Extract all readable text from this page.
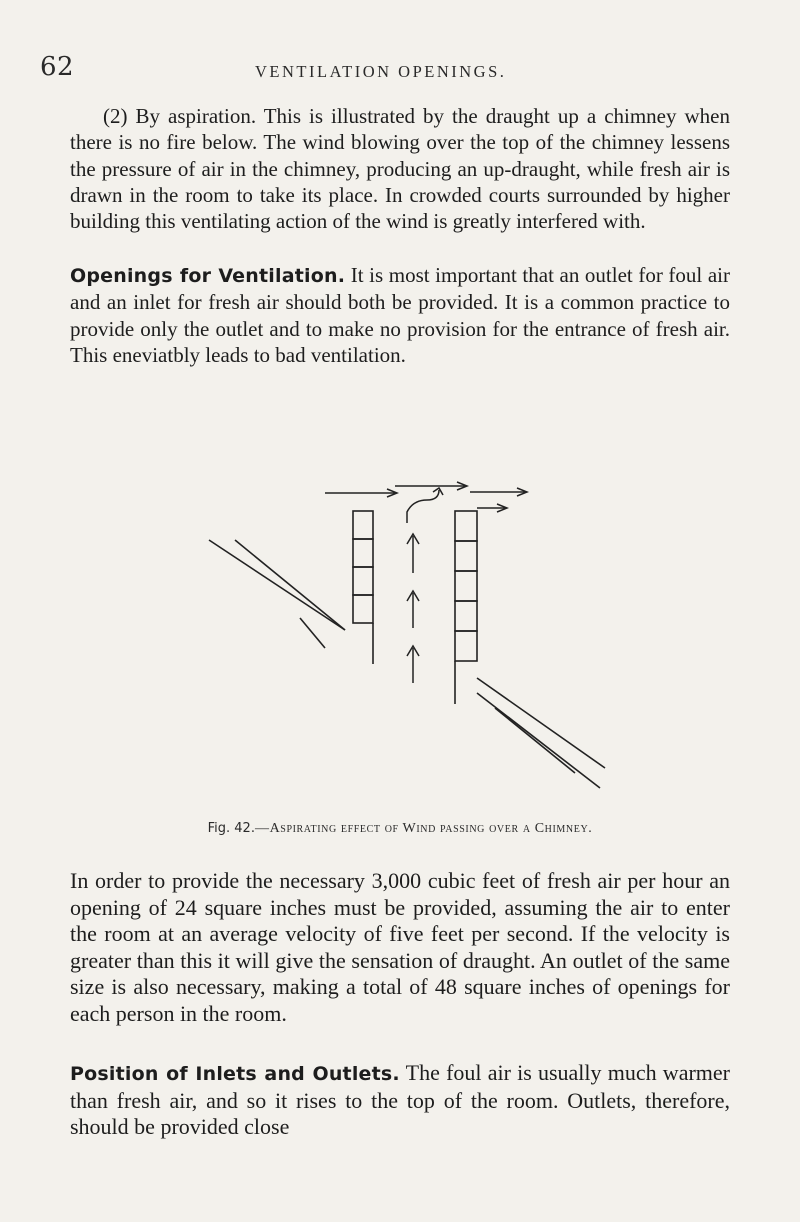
62	VENTILATION OPENINGS.

(2) By aspiration. This is illustrated by the draught up a chimney when there is no fire below. The wind blowing over the top of the chimney lessens the pressure of air in the chimney, producing an up-draught, while fresh air is drawn in the room to take its place. In crowded courts surrounded by higher building this ventilating action of the wind is greatly interfered with.

Openings for Ventilation. It is most important that an outlet for foul air and an inlet for fresh air should both be provided. It is a common practice to provide only the outlet and to make no provision for the entrance of fresh air. This eneviatbly leads to bad ventilation.

Fig. 42.—Aspirating effect of Wind passing over a Chimney.

In order to provide the necessary 3,000 cubic feet of fresh air per hour an opening of 24 square inches must be provided, assuming the air to enter the room at an average velocity of five feet per second. If the velocity is greater than this it will give the sensation of draught. An outlet of the same size is also necessary, making a total of 48 square inches of openings for each person in the room.

Position of Inlets and Outlets. The foul air is usually much warmer than fresh air, and so it rises to the top of the room. Outlets, therefore, should be provided close
